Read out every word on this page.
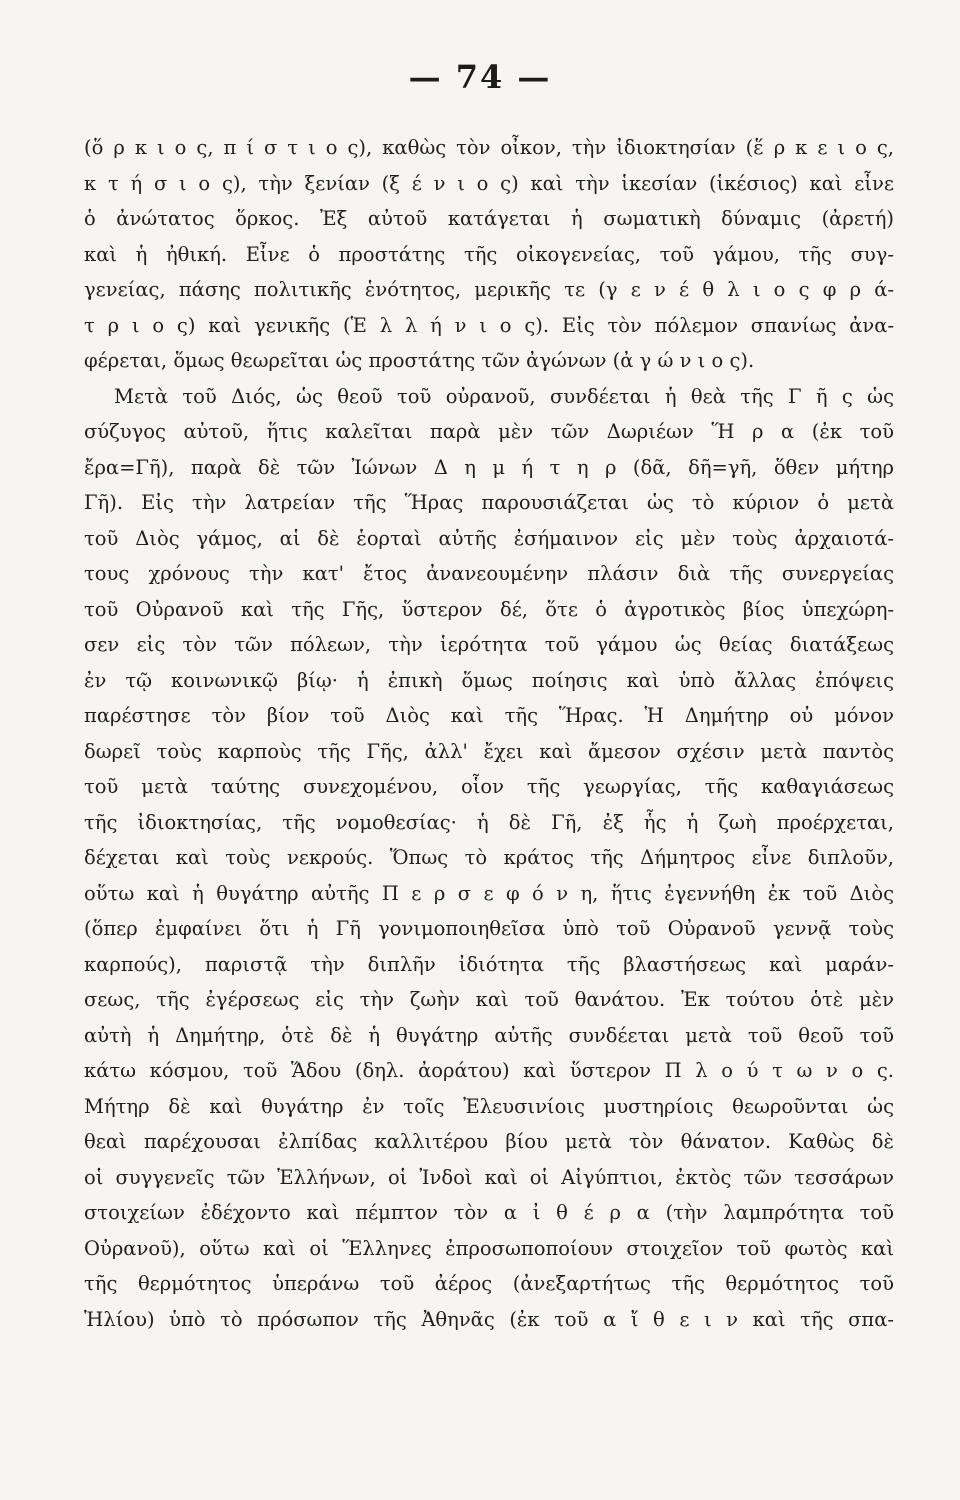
— 74 —
(ὅ ρ κ ι ο ς, π ί σ τ ι ο ς), καθὼς τὸν οἶκον, τὴν ἰδιοκτησίαν (ἕ ρ κ ε ι ο ς,
κ τ ή σ ι ο ς), τὴν ξενίαν (ξ έ ν ι ο ς) καὶ τὴν ἱκεσίαν (ἱκέσιος) καὶ εἶνε
ὁ ἀνώτατος ὅρκος. Ἐξ αὐτοῦ κατάγεται ἡ σωματικὴ δύναμις (ἀρετή)
καὶ ἡ ἠθική. Εἶνε ὁ προστάτης τῆς οἰκογενείας, τοῦ γάμου, τῆς συγ-
γενείας, πάσης πολιτικῆς ἑνότητος, μερικῆς τε (γ ε ν έ θ λ ι ο ς φ ρ ά-
τ ρ ι ο ς) καὶ γενικῆς (Ἑ λ λ ή ν ι ο ς). Εἰς τὸν πόλεμον σπανίως ἀνα-
φέρεται, ὅμως θεωρεῖται ὡς προστάτης τῶν ἀγώνων (ἀ γ ώ ν ι ο ς).
Μετὰ τοῦ Διός, ὡς θεοῦ τοῦ οὐρανοῦ, συνδέεται ἡ θεὰ τῆς Γ ῆ ς ὡς
σύζυγος αὐτοῦ, ἥτις καλεῖται παρὰ μὲν τῶν Δωριέων Ἥ ρ α (ἐκ τοῦ
ἔρα=Γῆ), παρὰ δὲ τῶν Ἰώνων Δ η μ ή τ η ρ (δᾶ, δῆ=γῆ, ὅθεν μήτηρ
Γῆ). Εἰς τὴν λατρείαν τῆς Ἥρας παρουσιάζεται ὡς τὸ κύριον ὁ μετὰ
τοῦ Διὸς γάμος, αἱ δὲ ἑορταὶ αὐτῆς ἐσήμαινον εἰς μὲν τοὺς ἀρχαιοτά-
τους χρόνους τὴν κατ' ἔτος ἀνανεουμένην πλάσιν διὰ τῆς συνεργείας
τοῦ Οὐρανοῦ καὶ τῆς Γῆς, ὕστερον δέ, ὅτε ὁ ἀγροτικὸς βίος ὑπεχώρη-
σεν εἰς τὸν τῶν πόλεων, τὴν ἱερότητα τοῦ γάμου ὡς θείας διατάξεως
ἐν τῷ κοινωνικῷ βίῳ· ἡ ἐπικὴ ὅμως ποίησις καὶ ὑπὸ ἄλλας ἐπόψεις
παρέστησε τὸν βίον τοῦ Διὸς καὶ τῆς Ἥρας. Ἡ Δημήτηρ οὐ μόνον
δωρεῖ τοὺς καρποὺς τῆς Γῆς, ἀλλ' ἔχει καὶ ἄμεσον σχέσιν μετὰ παντὸς
τοῦ μετὰ ταύτης συνεχομένου, οἷον τῆς γεωργίας, τῆς καθαγιάσεως
τῆς ἰδιοκτησίας, τῆς νομοθεσίας· ἡ δὲ Γῆ, ἐξ ἧς ἡ ζωὴ προέρχεται,
δέχεται καὶ τοὺς νεκρούς. Ὅπως τὸ κράτος τῆς Δήμητρος εἶνε διπλοῦν,
οὕτω καὶ ἡ θυγάτηρ αὐτῆς Π ε ρ σ ε φ ό ν η, ἥτις ἐγεννήθη ἐκ τοῦ Διὸς
(ὅπερ ἐμφαίνει ὅτι ἡ Γῆ γονιμοποιηθεῖσα ὑπὸ τοῦ Οὐρανοῦ γεννᾷ τοὺς
καρπούς), παριστᾷ τὴν διπλῆν ἰδιότητα τῆς βλαστήσεως καὶ μαράν-
σεως, τῆς ἐγέρσεως εἰς τὴν ζωὴν καὶ τοῦ θανάτου. Ἐκ τούτου ὁτὲ μὲν
αὐτὴ ἡ Δημήτηρ, ὁτὲ δὲ ἡ θυγάτηρ αὐτῆς συνδέεται μετὰ τοῦ θεοῦ τοῦ
κάτω κόσμου, τοῦ Ἅδου (δηλ. ἀοράτου) καὶ ὕστερον Π λ ο ύ τ ω ν ο ς.
Μήτηρ δὲ καὶ θυγάτηρ ἐν τοῖς Ἐλευσινίοις μυστηρίοις θεωροῦνται ὡς
θεαὶ παρέχουσαι ἐλπίδας καλλιτέρου βίου μετὰ τὸν θάνατον. Καθὼς δὲ
οἱ συγγενεῖς τῶν Ἑλλήνων, οἱ Ἰνδοὶ καὶ οἱ Αἰγύπτιοι, ἐκτὸς τῶν τεσσάρων
στοιχείων ἐδέχοντο καὶ πέμπτον τὸν α ἰ θ έ ρ α (τὴν λαμπρότητα τοῦ
Οὐρανοῦ), οὕτω καὶ οἱ Ἕλληνες ἐπροσωποποίουν στοιχεῖον τοῦ φωτὸς καὶ
τῆς θερμότητος ὑπεράνω τοῦ ἀέρος (ἀνεξαρτήτως τῆς θερμότητος τοῦ
Ἡλίου) ὑπὸ τὸ πρόσωπον τῆς Ἀθηνᾶς (ἐκ τοῦ α ἴ θ ε ι ν καὶ τῆς σπα-
